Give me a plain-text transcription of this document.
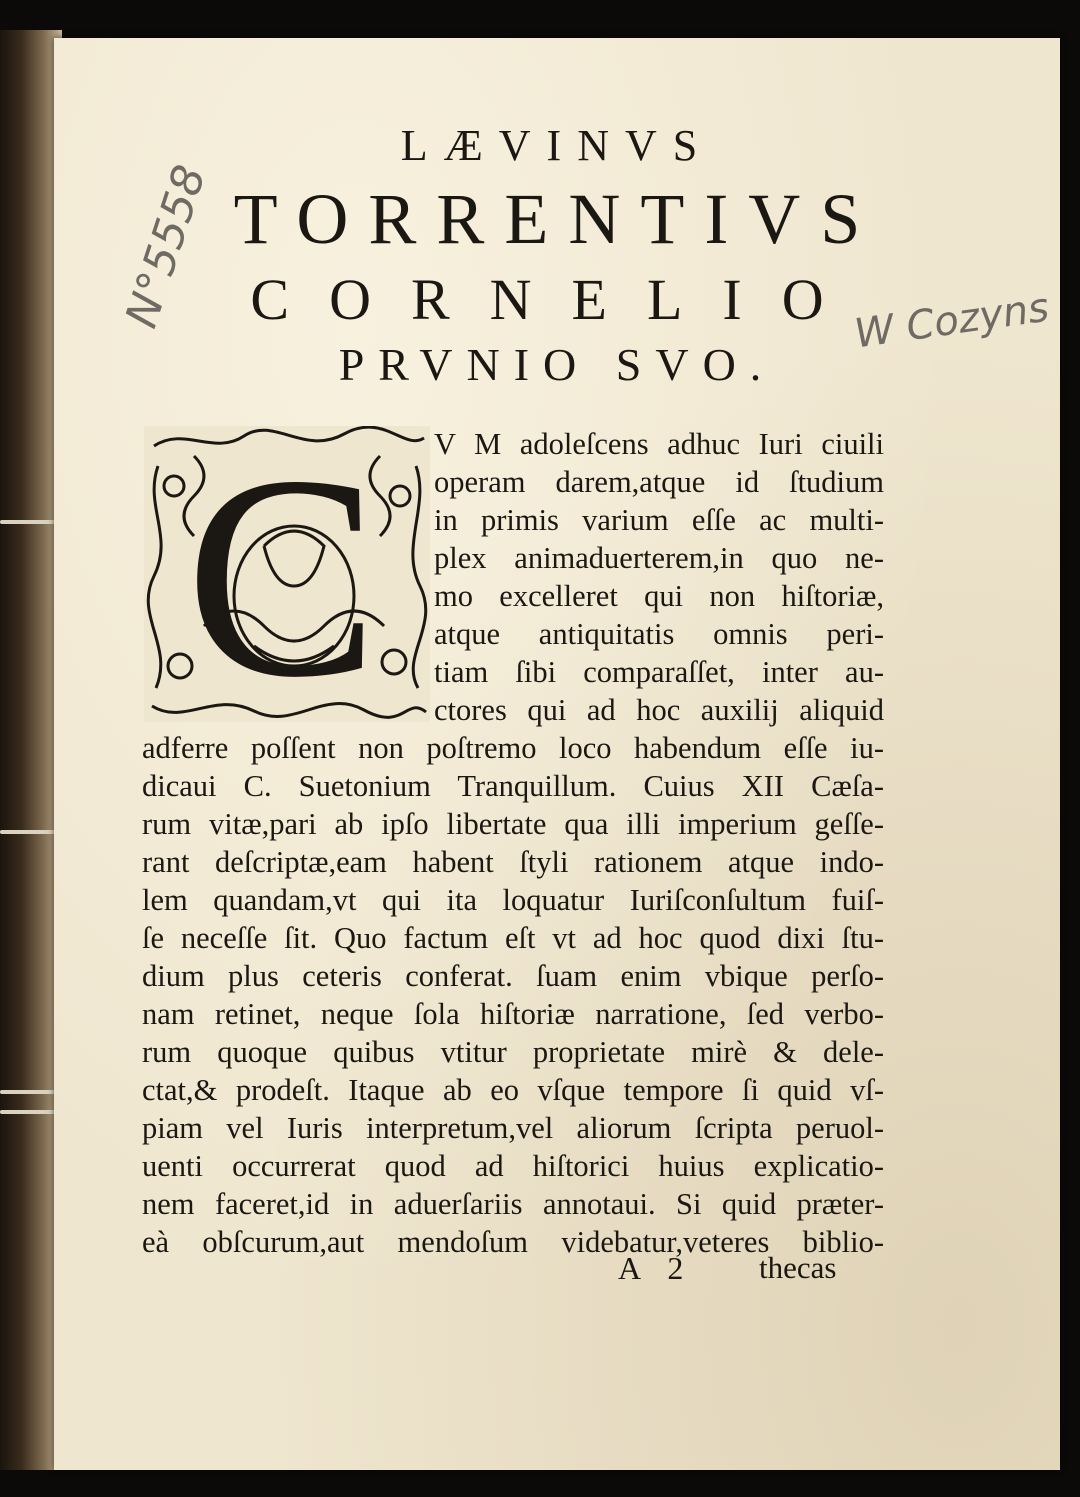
LÆVINVS
TORRENTIVS
CORNELIO
PRVNIO SVO.
N°5558	W Cozyns
C V M adoleſcens adhuc Iuri ciuili
operam darem,atque id ſtudium
in primis varium eſſe ac multi-
plex animaduerterem,in quo ne-
mo excelleret qui non hiſtoriæ,
atque antiquitatis omnis peri-
tiam ſibi comparaſſet, inter au-
ctores qui ad hoc auxilij aliquid
adferre poſſent non poſtremo loco habendum eſſe iu-
dicaui C. Suetonium Tranquillum. Cuius XII Cæſa-
rum vitæ,pari ab ipſo libertate qua illi imperium geſſe-
rant deſcriptæ,eam habent ſtyli rationem atque indo-
lem quandam,vt qui ita loquatur Iuriſconſultum fuiſ-
ſe neceſſe ſit. Quo factum eſt vt ad hoc quod dixi ſtu-
dium plus ceteris conferat. ſuam enim vbique perſo-
nam retinet, neque ſola hiſtoriæ narratione, ſed verbo-
rum quoque quibus vtitur proprietate mirè & dele-
ctat,& prodeſt. Itaque ab eo vſque tempore ſi quid vſ-
piam vel Iuris interpretum,vel aliorum ſcripta peruol-
uenti occurrerat quod ad hiſtorici huius explicatio-
nem faceret,id in aduerſariis annotaui. Si quid præter-
eà obſcurum,aut mendoſum videbatur,veteres biblio-
A 2 thecas
